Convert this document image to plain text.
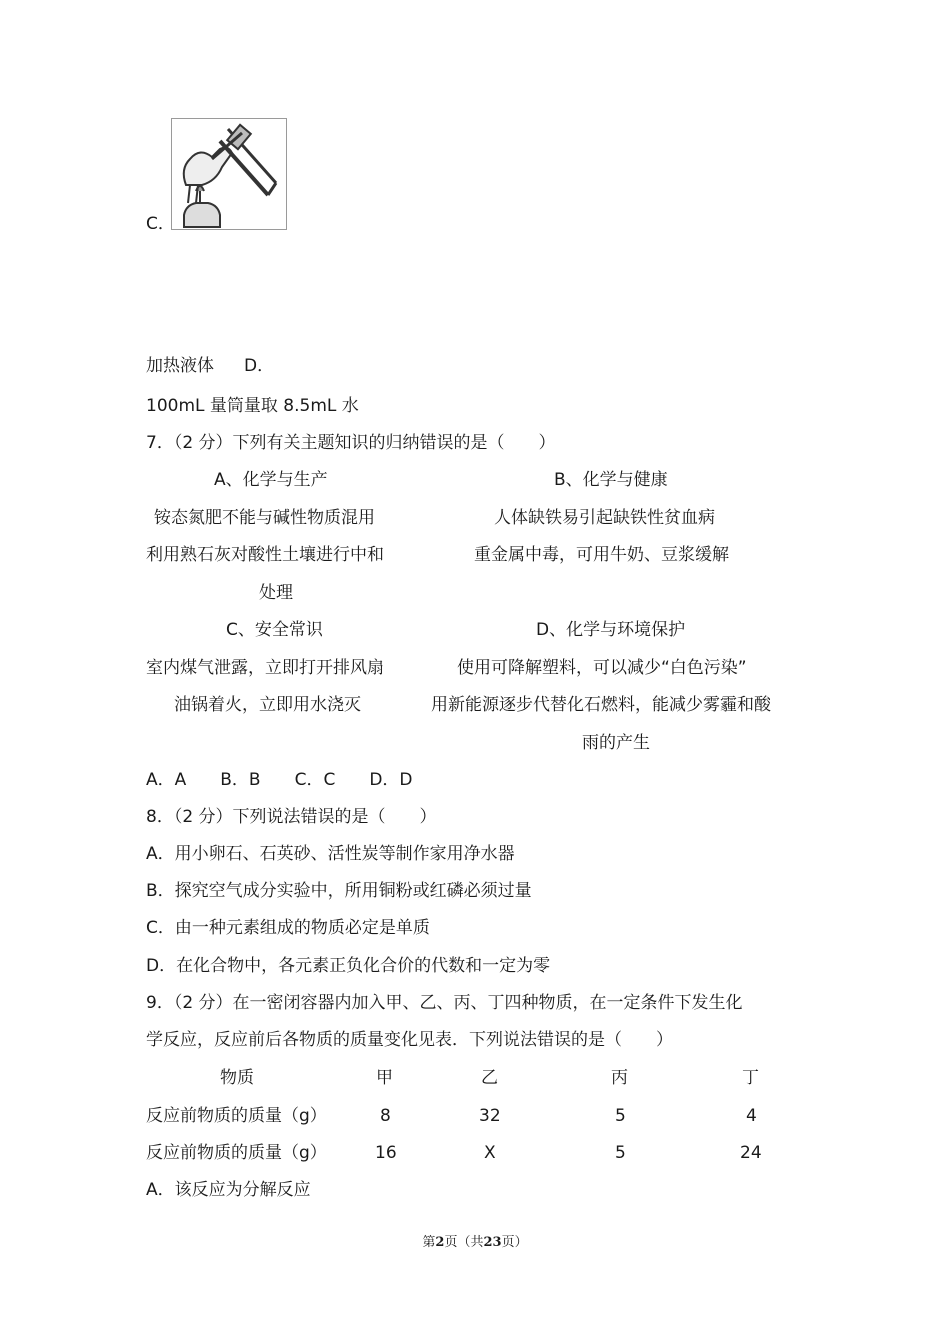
C．
加热液体 D．
100mL 量筒量取 8.5mL 水
7．（2 分）下列有关主题知识的归纳错误的是（　　）
A、化学与生产	B、化学与健康
铵态氮肥不能与碱性物质混用	人体缺铁易引起缺铁性贫血病
利用熟石灰对酸性土壤进行中和	重金属中毒，可用牛奶、豆浆缓解
处理
C、安全常识	D、化学与环境保护
室内煤气泄露，立即打开排风扇	使用可降解塑料，可以减少“白色污染”
油锅着火，立即用水浇灭	用新能源逐步代替化石燃料，能减少雾霾和酸
雨的产生
A．A　　B．B　　C．C　　D．D
8．（2 分）下列说法错误的是（　　）
A．用小卵石、石英砂、活性炭等制作家用净水器
B．探究空气成分实验中，所用铜粉或红磷必须过量
C．由一种元素组成的物质必定是单质
D．在化合物中，各元素正负化合价的代数和一定为零
9．（2 分）在一密闭容器内加入甲、乙、丙、丁四种物质，在一定条件下发生化
学反应，反应前后各物质的质量变化见表．下列说法错误的是（　　）
物质	甲	乙	丙	丁
反应前物质的质量（g）	8	32	5	4
反应前物质的质量（g）	16	X	5	24
A．该反应为分解反应
第2页（共23页）
